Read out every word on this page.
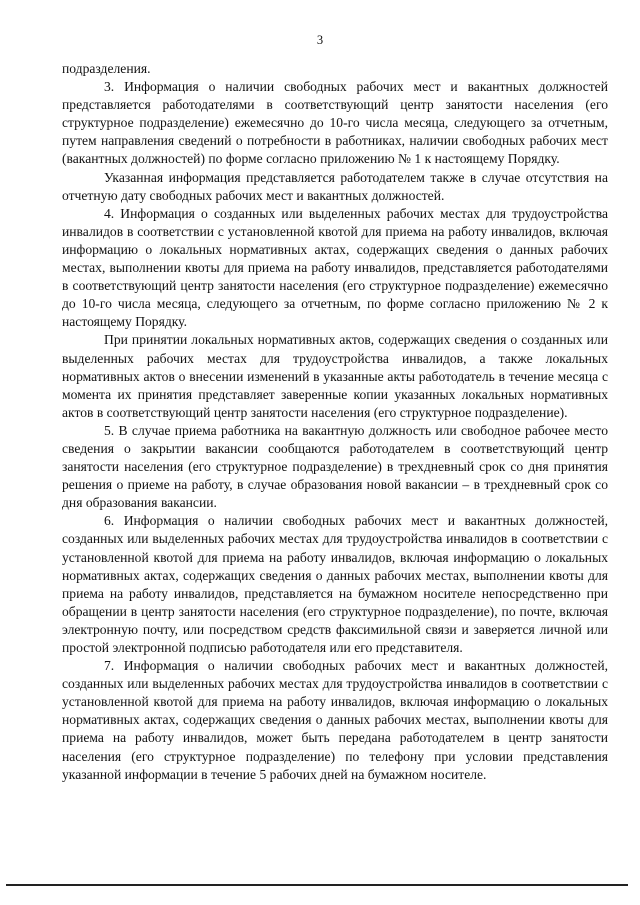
3

подразделения.

3. Информация о наличии свободных рабочих мест и вакантных должностей представляется работодателями в соответствующий центр занятости населения (его структурное подразделение) ежемесячно до 10-го числа месяца, следующего за отчетным, путем направления сведений о потребности в работниках, наличии свободных рабочих мест (вакантных должностей) по форме согласно приложению № 1 к настоящему Порядку.

Указанная информация представляется работодателем также в случае отсутствия на отчетную дату свободных рабочих мест и вакантных должностей.

4. Информация о созданных или выделенных рабочих местах для трудоустройства инвалидов в соответствии с установленной квотой для приема на работу инвалидов, включая информацию о локальных нормативных актах, содержащих сведения о данных рабочих местах, выполнении квоты для приема на работу инвалидов, представляется работодателями в соответствующий центр занятости населения (его структурное подразделение) ежемесячно до 10-го числа месяца, следующего за отчетным, по форме согласно приложению № 2 к настоящему Порядку.

При принятии локальных нормативных актов, содержащих сведения о созданных или выделенных рабочих местах для трудоустройства инвалидов, а также локальных нормативных актов о внесении изменений в указанные акты работодатель в течение месяца с момента их принятия представляет заверенные копии указанных локальных нормативных актов в соответствующий центр занятости населения (его структурное подразделение).

5. В случае приема работника на вакантную должность или свободное рабочее место сведения о закрытии вакансии сообщаются работодателем в соответствующий центр занятости населения (его структурное подразделение) в трехдневный срок со дня принятия решения о приеме на работу, в случае образования новой вакансии – в трехдневный срок со дня образования вакансии.

6. Информация о наличии свободных рабочих мест и вакантных должностей, созданных или выделенных рабочих местах для трудоустройства инвалидов в соответствии с установленной квотой для приема на работу инвалидов, включая информацию о локальных нормативных актах, содержащих сведения о данных рабочих местах, выполнении квоты для приема на работу инвалидов, представляется на бумажном носителе непосредственно при обращении в центр занятости населения (его структурное подразделение), по почте, включая электронную почту, или посредством средств факсимильной связи и заверяется личной или простой электронной подписью работодателя или его представителя.

7. Информация о наличии свободных рабочих мест и вакантных должностей, созданных или выделенных рабочих местах для трудоустройства инвалидов в соответствии с установленной квотой для приема на работу инвалидов, включая информацию о локальных нормативных актах, содержащих сведения о данных рабочих местах, выполнении квоты для приема на работу инвалидов, может быть передана работодателем в центр занятости населения (его структурное подразделение) по телефону при условии представления указанной информации в течение 5 рабочих дней на бумажном носителе.
